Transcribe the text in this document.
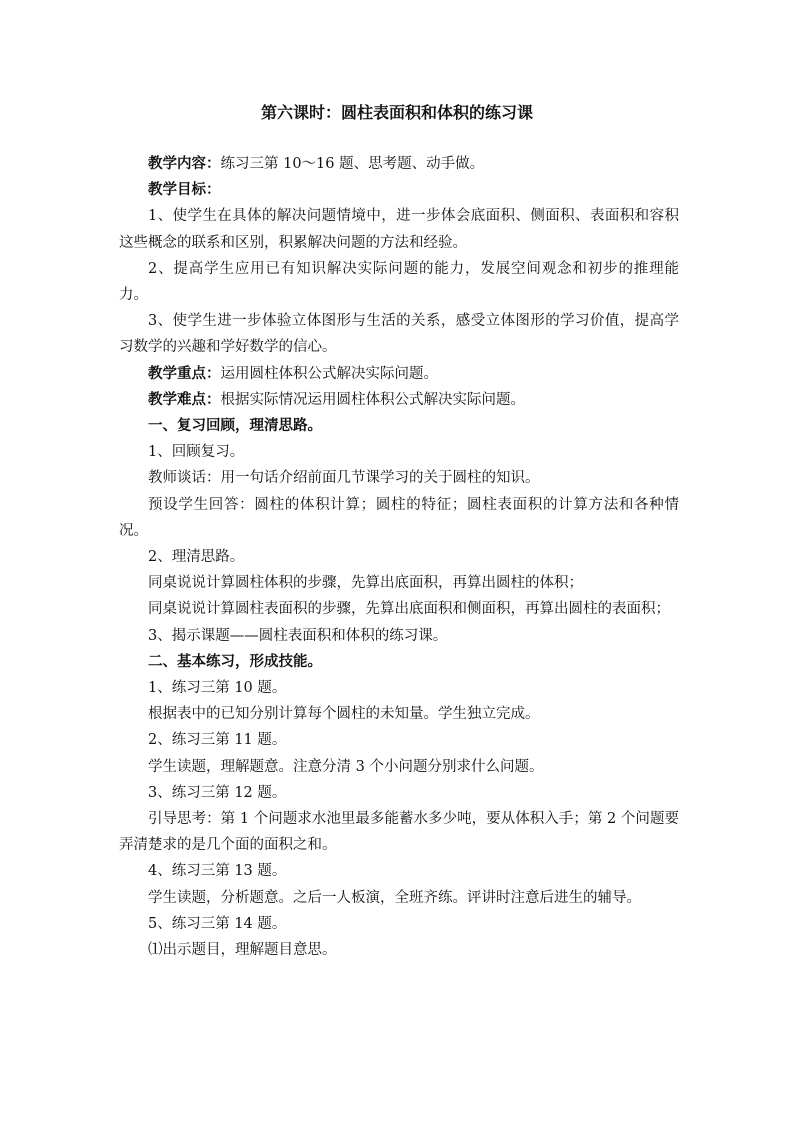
第六课时：圆柱表面积和体积的练习课

教学内容：练习三第 10～16 题、思考题、动手做。

教学目标：

1、使学生在具体的解决问题情境中，进一步体会底面积、侧面积、表面积和容积这些概念的联系和区别，积累解决问题的方法和经验。

2、提高学生应用已有知识解决实际问题的能力，发展空间观念和初步的推理能力。

3、使学生进一步体验立体图形与生活的关系，感受立体图形的学习价值，提高学习数学的兴趣和学好数学的信心。

教学重点：运用圆柱体积公式解决实际问题。

教学难点：根据实际情况运用圆柱体积公式解决实际问题。

一、复习回顾，理清思路。

1、回顾复习。

教师谈话：用一句话介绍前面几节课学习的关于圆柱的知识。

预设学生回答：圆柱的体积计算；圆柱的特征；圆柱表面积的计算方法和各种情况。

2、理清思路。

同桌说说计算圆柱体积的步骤，先算出底面积，再算出圆柱的体积；

同桌说说计算圆柱表面积的步骤，先算出底面积和侧面积，再算出圆柱的表面积；

3、揭示课题——圆柱表面积和体积的练习课。

二、基本练习，形成技能。

1、练习三第 10 题。

根据表中的已知分别计算每个圆柱的未知量。学生独立完成。

2、练习三第 11 题。

学生读题，理解题意。注意分清 3 个小问题分别求什么问题。

3、练习三第 12 题。

引导思考：第 1 个问题求水池里最多能蓄水多少吨，要从体积入手；第 2 个问题要弄清楚求的是几个面的面积之和。

4、练习三第 13 题。

学生读题，分析题意。之后一人板演，全班齐练。评讲时注意后进生的辅导。

5、练习三第 14 题。

⑴出示题目，理解题目意思。
